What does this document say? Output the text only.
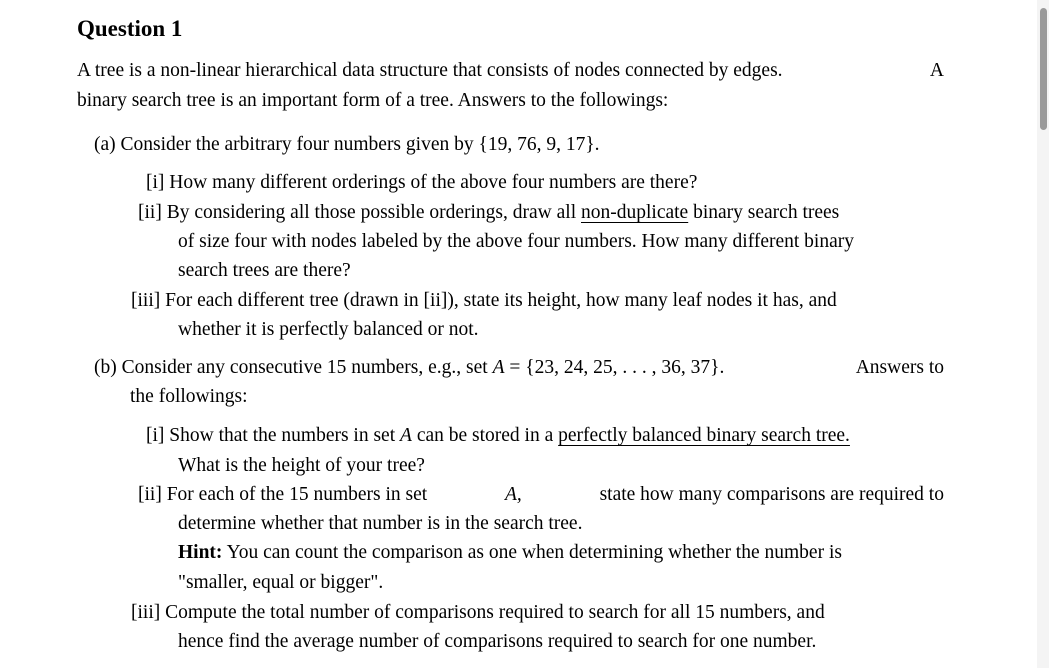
Question 1
A tree is a non-linear hierarchical data structure that consists of nodes connected by edges.	A
binary search tree is an important form of a tree. Answers to the followings:
(a) Consider the arbitrary four numbers given by {19, 76, 9, 17}.
[i] How many different orderings of the above four numbers are there?
[ii] By considering all those possible orderings, draw all non-duplicate binary search trees
of size four with nodes labeled by the above four numbers. How many different binary
search trees are there?
[iii] For each different tree (drawn in [ii]), state its height, how many leaf nodes it has, and
whether it is perfectly balanced or not.
(b) Consider any consecutive 15 numbers, e.g., set A = {23, 24, 25, . . . , 36, 37}.	Answers to
the followings:
[i] Show that the numbers in set A can be stored in a perfectly balanced binary search tree.
What is the height of your tree?
[ii] For each of the 15 numbers in set	A,	state how many comparisons are required to
determine whether that number is in the search tree.
Hint: You can count the comparison as one when determining whether the number is
"smaller, equal or bigger".
[iii] Compute the total number of comparisons required to search for all 15 numbers, and
hence find the average number of comparisons required to search for one number.
